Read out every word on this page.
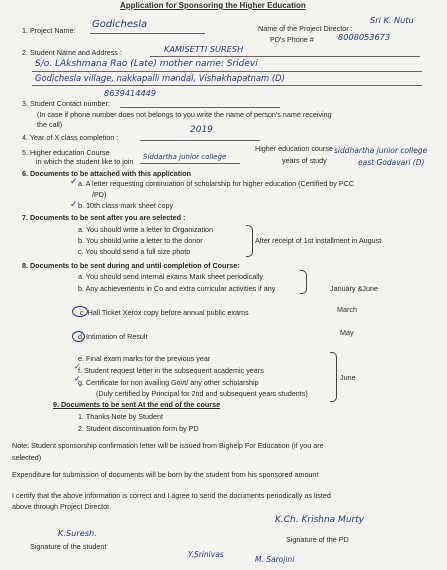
Application for Sponsoring the Higher Education
1. Project Name:
Godichesla	Name of the Project Director :
Sri K. Nutu
PD's Phone #	8008053673
2. Student Name and Address :	KAMISETTI SURESH
S/o. LAkshmana Rao (Late) mother name: Sridevi
Godichesla village, nakkapalli mandal, Vishakhapatnam (D)
8639414449
3. Student Contact number:
(In case if phone number does not belongs to you write the name of person's name receiving
the call)
4. Year of X class completion :
2019
5. Higher education Course
in which the student like to join Siddartha junior college
Higher education course
years of study
siddhartha junior college
east Godavari (D)
6. Documents to be attached with this application
✓ a. A letter requesting continuation of scholarship for higher education (Certified by PCC
/PD)
✓ b. 10th class mark sheet copy
7. Documents to be sent after you are selected :
a. You should write a letter to Organization
b. You should write a letter to the donor
c. You should send a full size photo
After receipt of 1st installment in August
8. Documents to be sent during and until completion of Course:
a. You should send internal exams Mark sheet periodically
b. Any achievements in Co and extra curricular activities if any	January &June
c. Hall Ticket Xerox copy before annual public exams	March
d. Intimation of Result	May
e. Final exam marks for the previous year
✓
f. Student request letter in the subsequent academic years
✓
g. Certificate for non availing Govt/ any other scholarship
(Duly certified by Principal for 2nd and subsequent years students)
June
9. Documents to be sent At the end of the course
1. Thanks Note by Student
2. Student discontinuation form by PD
Note: Student sponsorship confirmation letter will be issued from Bighelp For Education (if you are
selected)
Expenditure for submission of documents will be born by the student from his sponsored amount
I certify that the above information is correct and I agree to send the documents periodically as listed
above through Project Director.
K.Suresh.
Signature of the student
K.Ch. Krishna Murty
Signature of the PD
Y.Srinivas
M. Sarojini
